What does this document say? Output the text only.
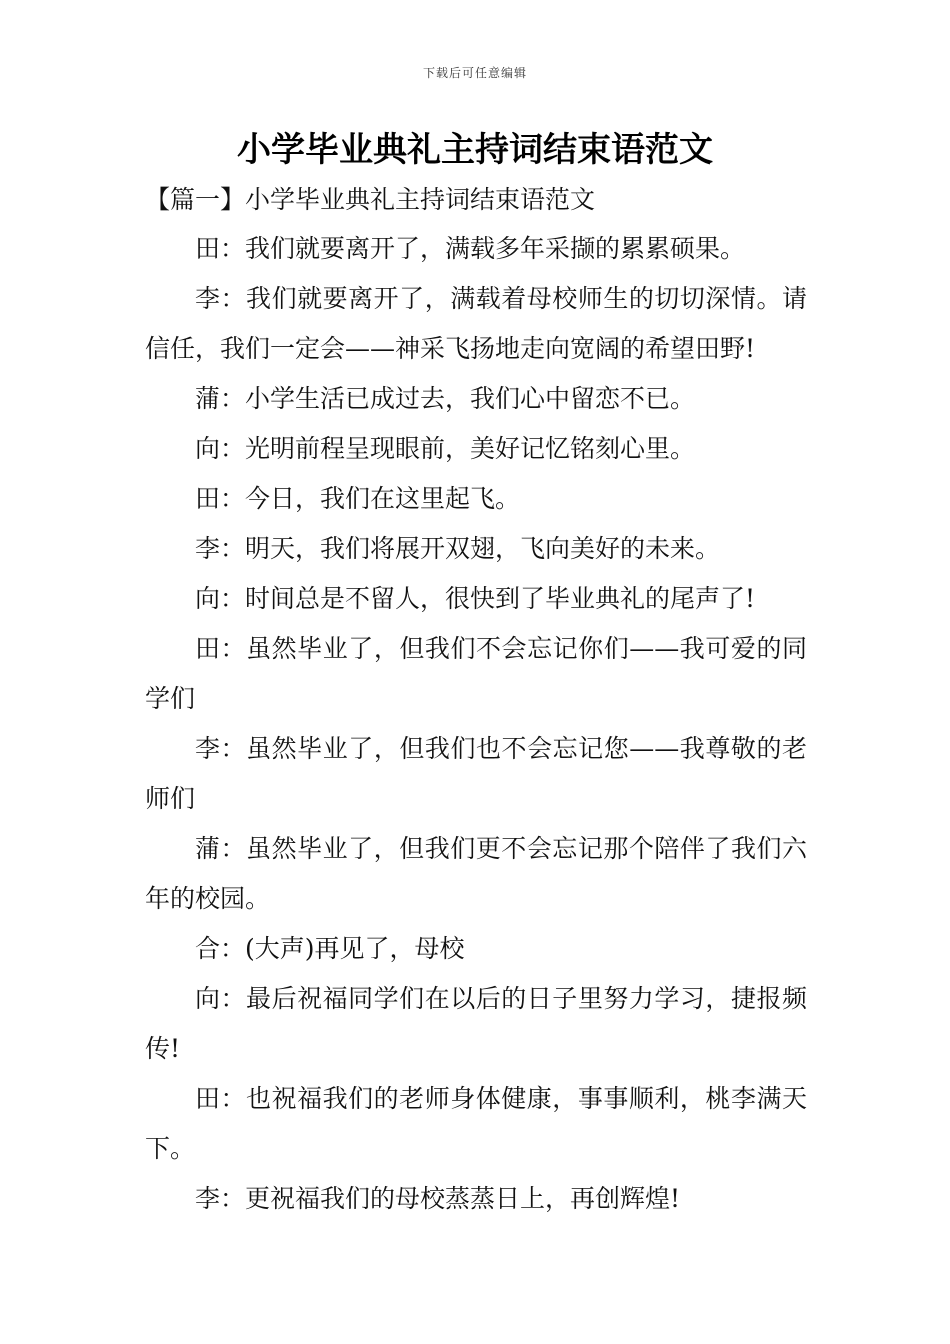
下载后可任意编辑
小学毕业典礼主持词结束语范文
【篇一】小学毕业典礼主持词结束语范文

田：我们就要离开了，满载多年采撷的累累硕果。

李：我们就要离开了，满载着母校师生的切切深情。请信任，我们一定会——神采飞扬地走向宽阔的希望田野!

蒲：小学生活已成过去，我们心中留恋不已。

向：光明前程呈现眼前，美好记忆铭刻心里。

田：今日，我们在这里起飞。

李：明天，我们将展开双翅，飞向美好的未来。

向：时间总是不留人，很快到了毕业典礼的尾声了!

田：虽然毕业了，但我们不会忘记你们——我可爱的同学们

李：虽然毕业了，但我们也不会忘记您——我尊敬的老师们

蒲：虽然毕业了，但我们更不会忘记那个陪伴了我们六年的校园。

合：(大声)再见了，母校

向：最后祝福同学们在以后的日子里努力学习，捷报频传!

田：也祝福我们的老师身体健康，事事顺利，桃李满天下。

李：更祝福我们的母校蒸蒸日上，再创辉煌!
